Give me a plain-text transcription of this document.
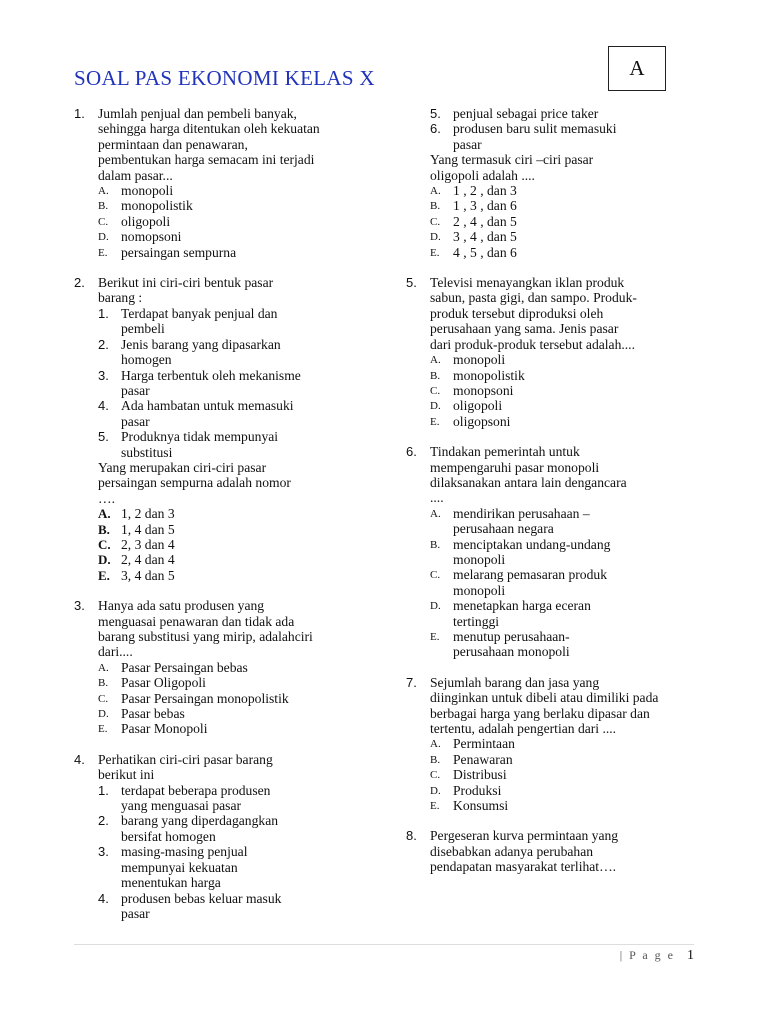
SOAL PAS EKONOMI KELAS X	A
1. Jumlah penjual dan pembeli banyak,
sehingga harga ditentukan oleh kekuatan
permintaan dan penawaran,
pembentukan harga semacam ini terjadi
dalam pasar...
A. monopoli
B. monopolistik
C. oligopoli
D. nomopsoni
E. persaingan sempurna
2. Berikut ini ciri-ciri bentuk pasar
barang :
1. Terdapat banyak penjual dan
pembeli
2. Jenis barang yang dipasarkan
homogen
3. Harga terbentuk oleh mekanisme
pasar
4. Ada hambatan untuk memasuki
pasar
5. Produknya tidak mempunyai
substitusi
Yang merupakan ciri-ciri pasar
persaingan sempurna adalah nomor
….
A. 1, 2 dan 3
B. 1, 4 dan 5
C. 2, 3 dan 4
D. 2, 4 dan 4
E. 3, 4 dan 5
3. Hanya ada satu produsen yang
menguasai penawaran dan tidak ada
barang substitusi yang mirip, adalahciri
dari....
A. Pasar Persaingan bebas
B. Pasar Oligopoli
C. Pasar Persaingan monopolistik
D. Pasar bebas
E. Pasar Monopoli
4. Perhatikan ciri-ciri pasar barang
berikut ini
1. terdapat beberapa produsen
yang menguasai pasar
2. barang yang diperdagangkan
bersifat homogen
3. masing-masing penjual
mempunyai kekuatan
menentukan harga
4. produsen bebas keluar masuk
pasar
5. penjual sebagai price taker
6. produsen baru sulit memasuki
pasar
Yang termasuk ciri –ciri pasar
oligopoli adalah ....
A. 1 , 2 , dan 3
B. 1 , 3 , dan 6
C. 2 , 4 , dan 5
D. 3 , 4 , dan 5
E. 4 , 5 , dan 6
5. Televisi menayangkan iklan produk
sabun, pasta gigi, dan sampo. Produk-
produk tersebut diproduksi oleh
perusahaan yang sama. Jenis pasar
dari produk-produk tersebut adalah....
A. monopoli
B. monopolistik
C. monopsoni
D. oligopoli
E. oligopsoni
6. Tindakan pemerintah untuk
mempengaruhi pasar monopoli
dilaksanakan antara lain dengancara
....
A. mendirikan perusahaan –
perusahaan negara
B. menciptakan undang-undang
monopoli
C. melarang pemasaran produk
monopoli
D. menetapkan harga eceran
tertinggi
E. menutup perusahaan-
perusahaan monopoli
7. Sejumlah barang dan jasa yang
diinginkan untuk dibeli atau dimiliki pada
berbagai harga yang berlaku dipasar dan
tertentu, adalah pengertian dari ....
A. Permintaan
B. Penawaran
C. Distribusi
D. Produksi
E. Konsumsi
8. Pergeseran kurva permintaan yang
disebabkan adanya perubahan
pendapatan masyarakat terlihat….
| P a g e 1
